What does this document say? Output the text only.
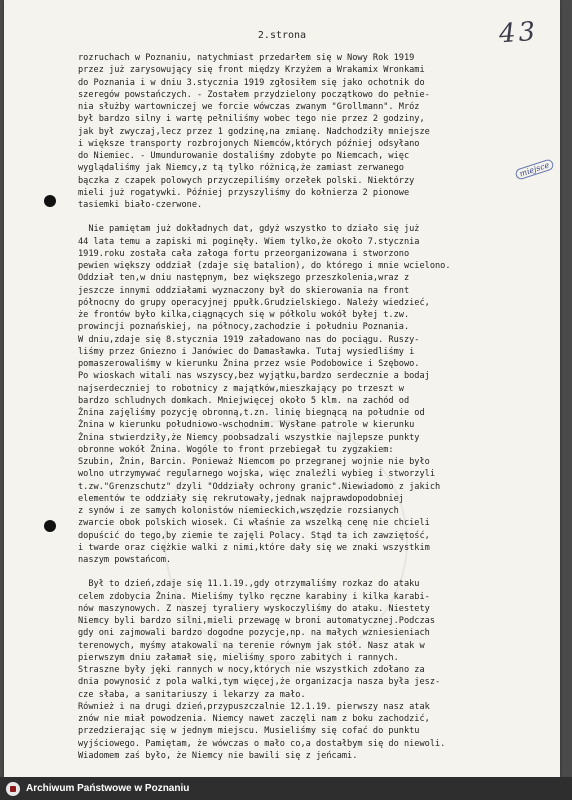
43
2.strona
miejsce
rozruchach w Poznaniu, natychmiast przedarłem się w Nowy Rok 1919
przez już zarysowujący się front między Krzyżem a Wrakamix Wronkami
do Poznania i w dniu 3.stycznia 1919 zgłosiłem się jako ochotnik do
szeregów powstańczych. - Zostałem przydzielony początkowo do pełnie-
nia służby wartowniczej we forcie wówczas zwanym "Grollmann". Mróz
był bardzo silny i wartę pełniliśmy wobec tego nie przez 2 godziny,
jak był zwyczaj,lecz przez 1 godzinę,na zmianę. Nadchodziły mniejsze
i większe transporty rozbrojonych Niemców,których później odsyłano
do Niemiec. - Umundurowanie dostaliśmy zdobyte po Niemcach, więc
wyglądaliśmy jak Niemcy,z tą tylko różnicą,że zamiast zerwanego
bączka z czapek polowych przyczepiliśmy orzełek polski. Niektórzy
mieli już rogatywki. Później przyszyliśmy do kołnierza 2 pionowe
tasiemki biało-czerwone.
Nie pamiętam już dokładnych dat, gdyż wszystko to działo się już
44 lata temu a zapiski mi poginęły. Wiem tylko,że około 7.stycznia
1919.roku została cała załoga fortu przeorganizowana i stworzono
pewien większy oddział (zdaje się batalion), do którego i mnie wcielono.
Oddział ten,w dniu następnym, bez większego przeszkolenia,wraz z
jeszcze innymi oddziałami wyznaczony był do skierowania na front
północny do grupy operacyjnej ppułk.Grudzielskiego. Należy wiedzieć,
że frontów było kilka,ciągnących się w półkolu wokół byłej t.zw.
prowincji poznańskiej, na północy,zachodzie i południu Poznania.
W dniu,zdaje się 8.stycznia 1919 załadowano nas do pociągu. Ruszy-
liśmy przez Gniezno i Janówiec do Damasławka. Tutaj wysiedliśmy i
pomaszerowaliśmy w kierunku Żnina przez wsie Podobowice i Szębowo.
Po wioskach witali nas wszyscy,bez wyjątku,bardzo serdecznie a bodaj
najserdeczniej to robotnicy z majątków,mieszkający po trzeszt w
bardzo schludnych domkach. Mniejwięcej około 5 klm. na zachód od
Żnina zajęliśmy pozycję obronną,t.zn. linię biegnącą na południe od
Żnina w kierunku południowo-wschodnim. Wysłane patrole w kierunku
Żnina stwierdziły,że Niemcy poobsadzali wszystkie najlepsze punkty
obronne wokół Żnina. Wogóle to front przebiegał tu zygzakiem:
Szubin, Żnin, Barcin. Ponieważ Niemcom po przegranej wojnie nie było
wolno utrzymywać regularnego wojska, więc znaleźli wybieg i stworzyli
t.zw."Grenzschutz" dzyli "Oddziały ochrony granic".Niewiadomo z jakich
elementów te oddziały się rekrutowały,jednak najprawdopodobniej
z synów i ze samych kolonistów niemieckich,wszędzie rozsianych
zwarcie obok polskich wiosek. Ci właśnie za wszelką cenę nie chcieli
dopuścić do tego,by ziemie te zajęli Polacy. Stąd ta ich zawziętość,
i twarde oraz ciężkie walki z nimi,które dały się we znaki wszystkim
naszym powstańcom.
Był to dzień,zdaje się 11.1.19.,gdy otrzymaliśmy rozkaz do ataku
celem zdobycia Żnina. Mieliśmy tylko ręczne karabiny i kilka karabi-
nów maszynowych. Z naszej tyraliery wyskoczyliśmy do ataku. Niestety
Niemcy byli bardzo silni,mieli przewagę w broni automatycznej.Podczas
gdy oni zajmowali bardzo dogodne pozycje,np. na małych wzniesieniach
terenowych, myśmy atakowali na terenie równym jak stół. Nasz atak w
pierwszym dniu załamał się, mieliśmy sporo zabitych i rannych.
Straszne były jęki rannych w nocy,których nie wszystkich zdołano za
dnia powynosić z pola walki,tym więcej,że organizacja nasza była jesz-
cze słaba, a sanitariuszy i lekarzy za mało.
Również i na drugi dzień,przypuszczalnie 12.1.19. pierwszy nasz atak
znów nie miał powodzenia. Niemcy nawet zaczęli nam z boku zachodzić,
przedzierając się w jednym miejscu. Musieliśmy się cofać do punktu
wyjściowego. Pamiętam, że wówczas o mało co,a dostałbym się do niewoli.
Wiadomem zaś było, że Niemcy nie bawili się z jeńcami.
Archiwum Państwowe w Poznaniu
